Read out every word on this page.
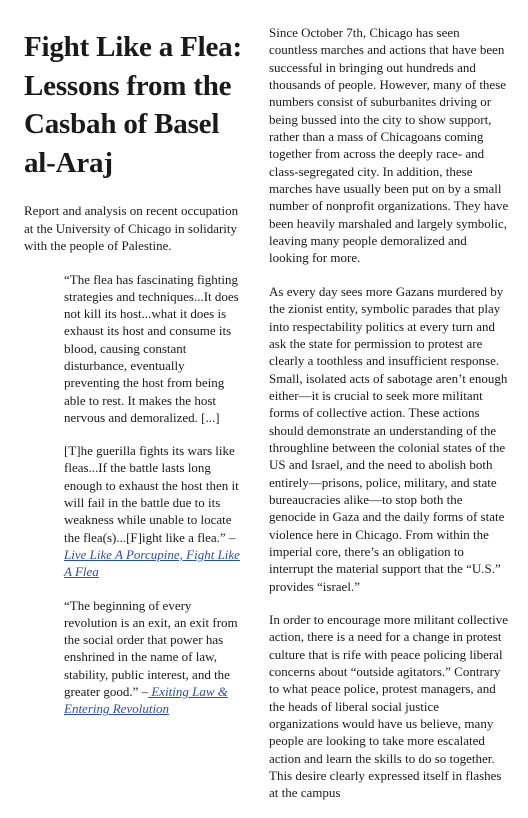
Fight Like a Flea: Lessons from the Casbah of Basel al-Araj

Report and analysis on recent occupation at the University of Chicago in solidarity with the people of Palestine.

“The flea has fascinating fighting strategies and techniques...It does not kill its host...what it does is exhaust its host and consume its blood, causing constant disturbance, eventually preventing the host from being able to rest. It makes the host nervous and demoralized. [...]

[T]he guerilla fights its wars like fleas...If the battle lasts long enough to exhaust the host then it will fail in the battle due to its weakness while unable to locate the flea(s)...[F]ight like a flea.” – Live Like A Porcupine, Fight Like A Flea

“The beginning of every revolution is an exit, an exit from the social order that power has enshrined in the name of law, stability, public interest, and the greater good.” – Exiting Law & Entering Revolution

Since October 7th, Chicago has seen countless marches and actions that have been successful in bringing out hundreds and thousands of people. However, many of these numbers consist of suburbanites driving or being bussed into the city to show support, rather than a mass of Chicagoans coming together from across the deeply race- and class-segregated city. In addition, these marches have usually been put on by a small number of nonprofit organizations. They have been heavily marshaled and largely symbolic, leaving many people demoralized and looking for more.

As every day sees more Gazans murdered by the zionist entity, symbolic parades that play into respectability politics at every turn and ask the state for permission to protest are clearly a toothless and insufficient response. Small, isolated acts of sabotage aren’t enough either—it is crucial to seek more militant forms of collective action. These actions should demonstrate an understanding of the throughline between the colonial states of the US and Israel, and the need to abolish both entirely—prisons, police, military, and state bureaucracies alike—to stop both the genocide in Gaza and the daily forms of state violence here in Chicago. From within the imperial core, there’s an obligation to interrupt the material support that the “U.S.” provides “israel.”

In order to encourage more militant collective action, there is a need for a change in protest culture that is rife with peace policing liberal concerns about “outside agitators.” Contrary to what peace police, protest managers, and the heads of liberal social justice organizations would have us believe, many people are looking to take more escalated action and learn the skills to do so together. This desire clearly expressed itself in flashes at the campus
